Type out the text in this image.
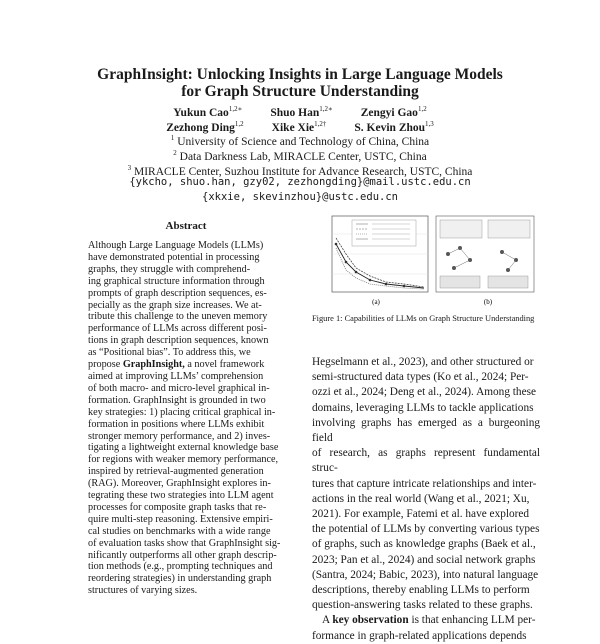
GraphInsight: Unlocking Insights in Large Language Models
for Graph Structure Understanding
Yukun Cao$^{1,2∗}$ Shuo Han$^{1,2∗}$ Zengyi Gao$^{1,2}$
Zezhong Ding$^{1,2}$ Xike Xie$^{1,2\dagger}$ S. Kevin Zhou$^{1,3}$
$^1$ University of Science and Technology of China, China
$^2$ Data Darkness Lab, MIRACLE Center, USTC, China
$^3$ MIRACLE Center, Suzhou Institute for Advance Research, USTC, China
{ykcho, shuo.han, gzy02, zezhongding}@mail.ustc.edu.cn
{xkxie, skevinzhou}@ustc.edu.cn
Abstract

Although Large Language Models (LLMs)

have demonstrated potential in processing

graphs, they struggle with comprehend-

ing graphical structure information through

prompts of graph description sequences, es-

pecially as the graph size increases. We at-

tribute this challenge to the uneven memory

performance of LLMs across different posi-

tions in graph description sequences, known

as “Positional bias”. To address this, we

propose GraphInsight, a novel framework

aimed at improving LLMs’ comprehension

of both macro- and micro-level graphical in-

formation. GraphInsight is grounded in two

key strategies: 1) placing critical graphical in-

formation in positions where LLMs exhibit

stronger memory performance, and 2) inves-

tigating a lightweight external knowledge base

for regions with weaker memory performance,

inspired by retrieval-augmented generation

(RAG). Moreover, GraphInsight explores in-

tegrating these two strategies into LLM agent

processes for composite graph tasks that re-

quire multi-step reasoning. Extensive empiri-

cal studies on benchmarks with a wide range

of evaluation tasks show that GraphInsight sig-

nificantly outperforms all other graph descrip-

tion methods (e.g., prompting techniques and

reordering strategies) in understanding graph

structures of varying sizes.

(a)	(b)
Figure 1: Capabilities of LLMs on Graph Structure Understanding

Hegselmann et al., 2023), and other structured or

semi-structured data types (Ko et al., 2024; Per-

ozzi et al., 2024; Deng et al., 2024). Among these

domains, leveraging LLMs to tackle applications

involving graphs has emerged as a burgeoning field

of research, as graphs represent fundamental struc-

tures that capture intricate relationships and inter-

actions in the real world (Wang et al., 2021; Xu,

2021). For example, Fatemi et al. have explored

the potential of LLMs by converting various types

of graphs, such as knowledge graphs (Baek et al.,

2023; Pan et al., 2024) and social network graphs

(Santra, 2024; Babic, 2023), into natural language

descriptions, thereby enabling LLMs to perform

question-answering tasks related to these graphs.

A key observation is that enhancing LLM per-

formance in graph-related applications depends
